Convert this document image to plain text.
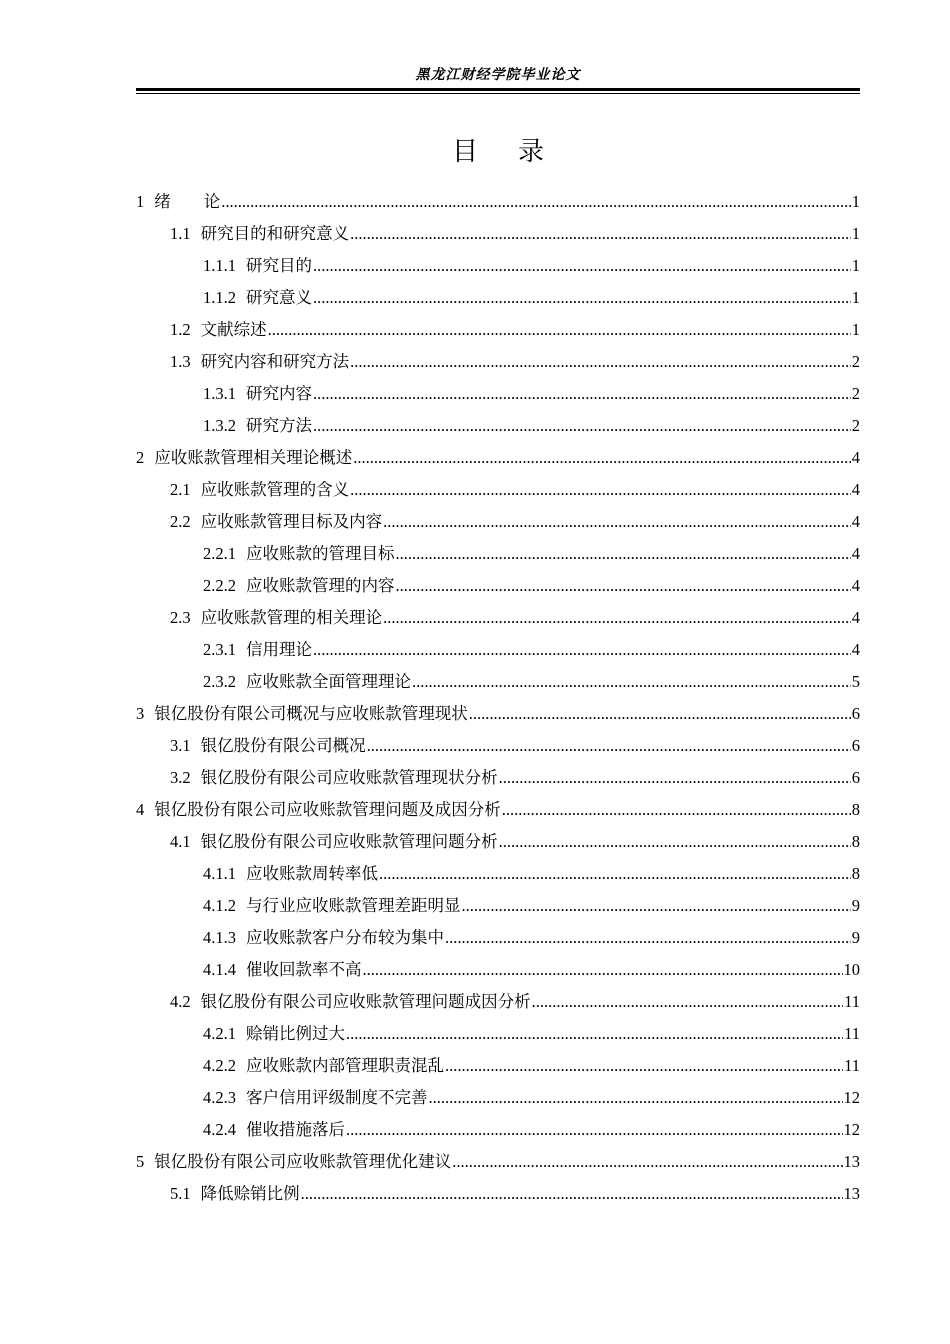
黑龙江财经学院毕业论文
目录
1 绪　　论 .....	1
1.1 研究目的和研究意义 .....	1
1.1.1 研究目的 .....	1
1.1.2 研究意义 .....	1
1.2 文献综述 .....	1
1.3 研究内容和研究方法 .....	2
1.3.1 研究内容 .....	2
1.3.2 研究方法 .....	2
2 应收账款管理相关理论概述 .....	4
2.1 应收账款管理的含义 .....	4
2.2 应收账款管理目标及内容 .....	4
2.2.1 应收账款的管理目标 .....	4
2.2.2 应收账款管理的内容 .....	4
2.3 应收账款管理的相关理论 .....	4
2.3.1 信用理论 .....	4
2.3.2 应收账款全面管理理论 .....	5
3 银亿股份有限公司概况与应收账款管理现状 .....	6
3.1 银亿股份有限公司概况 .....	6
3.2 银亿股份有限公司应收账款管理现状分析 .....	6
4 银亿股份有限公司应收账款管理问题及成因分析 .....	8
4.1 银亿股份有限公司应收账款管理问题分析 .....	8
4.1.1 应收账款周转率低 .....	8
4.1.2 与行业应收账款管理差距明显 .....	9
4.1.3 应收账款客户分布较为集中 .....	9
4.1.4 催收回款率不高 .....	10
4.2 银亿股份有限公司应收账款管理问题成因分析 .....	11
4.2.1 赊销比例过大 .....	11
4.2.2 应收账款内部管理职责混乱 .....	11
4.2.3 客户信用评级制度不完善 .....	12
4.2.4 催收措施落后 .....	12
5 银亿股份有限公司应收账款管理优化建议 .....	13
5.1 降低赊销比例 .....	13
